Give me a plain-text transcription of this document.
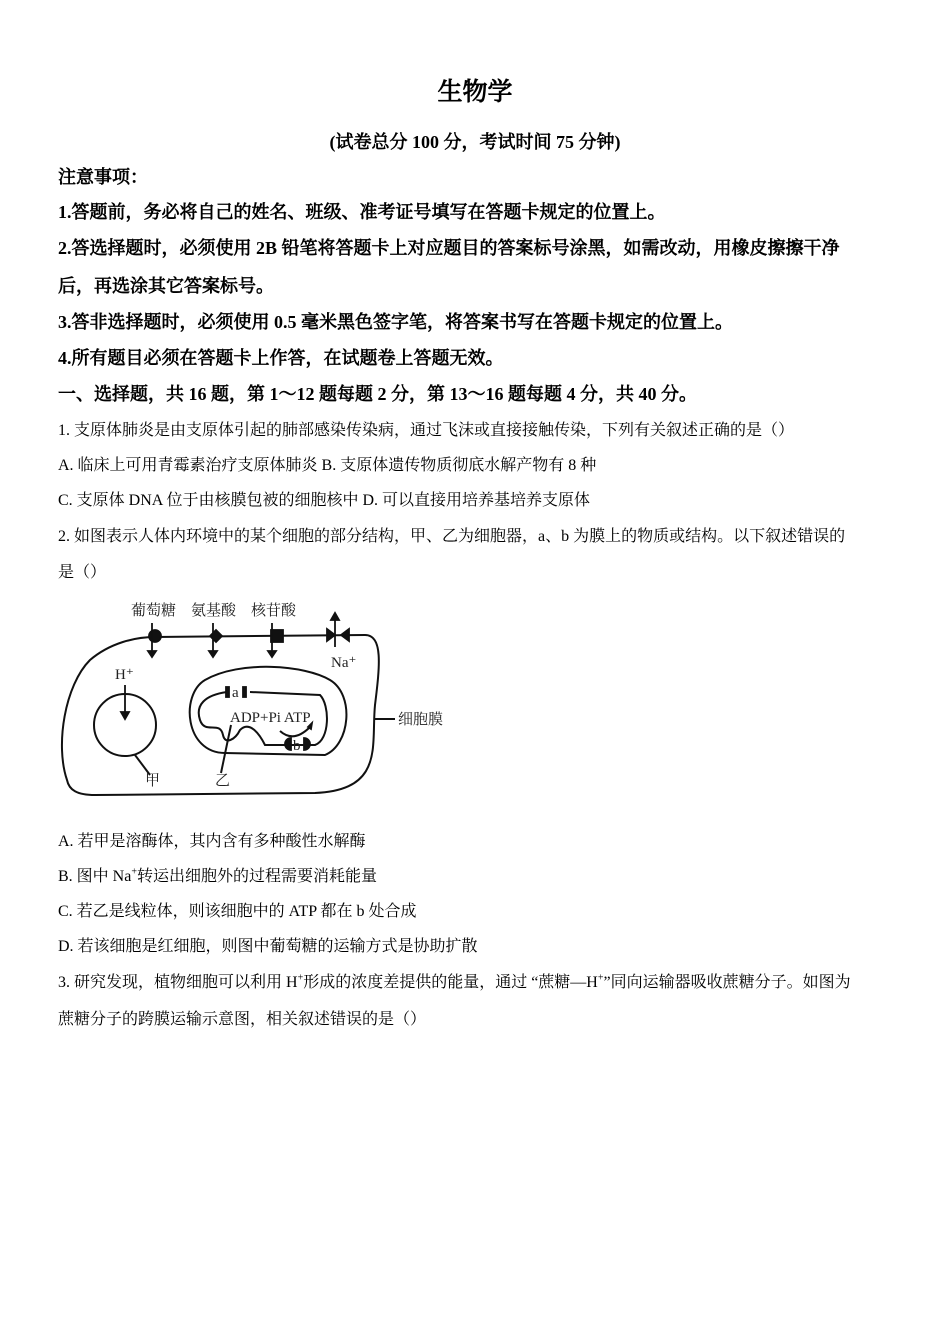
生物学
(试卷总分 100 分，考试时间 75 分钟)
注意事项：
1.答题前，务必将自己的姓名、班级、准考证号填写在答题卡规定的位置上。
2.答选择题时，必须使用 2B 铅笔将答题卡上对应题目的答案标号涂黑，如需改动，用橡皮擦擦干净
后，再选涂其它答案标号。
3.答非选择题时，必须使用 0.5 毫米黑色签字笔，将答案书写在答题卡规定的位置上。
4.所有题目必须在答题卡上作答，在试题卷上答题无效。
一、选择题，共 16 题，第 1～12 题每题 2 分，第 13～16 题每题 4 分，共 40 分。
1. 支原体肺炎是由支原体引起的肺部感染传染病，通过飞沫或直接接触传染，下列有关叙述正确的是（）
A. 临床上可用青霉素治疗支原体肺炎 B. 支原体遗传物质彻底水解产物有 8 种
C. 支原体 DNA 位于由核膜包被的细胞核中 D. 可以直接用培养基培养支原体
2. 如图表示人体内环境中的某个细胞的部分结构，甲、乙为细胞器，a、b 为膜上的物质或结构。以下叙述错误的
是（）
葡萄糖 氨基酸 核苷酸
Na⁺
H⁺
a
ADP+Pi ATP
b
甲	乙
细胞膜
A. 若甲是溶酶体，其内含有多种酸性水解酶
B. 图中 Na+转运出细胞外的过程需要消耗能量
C. 若乙是线粒体，则该细胞中的 ATP 都在 b 处合成
D. 若该细胞是红细胞，则图中葡萄糖的运输方式是协助扩散
3. 研究发现，植物细胞可以利用 H+形成的浓度差提供的能量，通过 “蔗糖—H+”同向运输器吸收蔗糖分子。如图为
蔗糖分子的跨膜运输示意图，相关叙述错误的是（）
